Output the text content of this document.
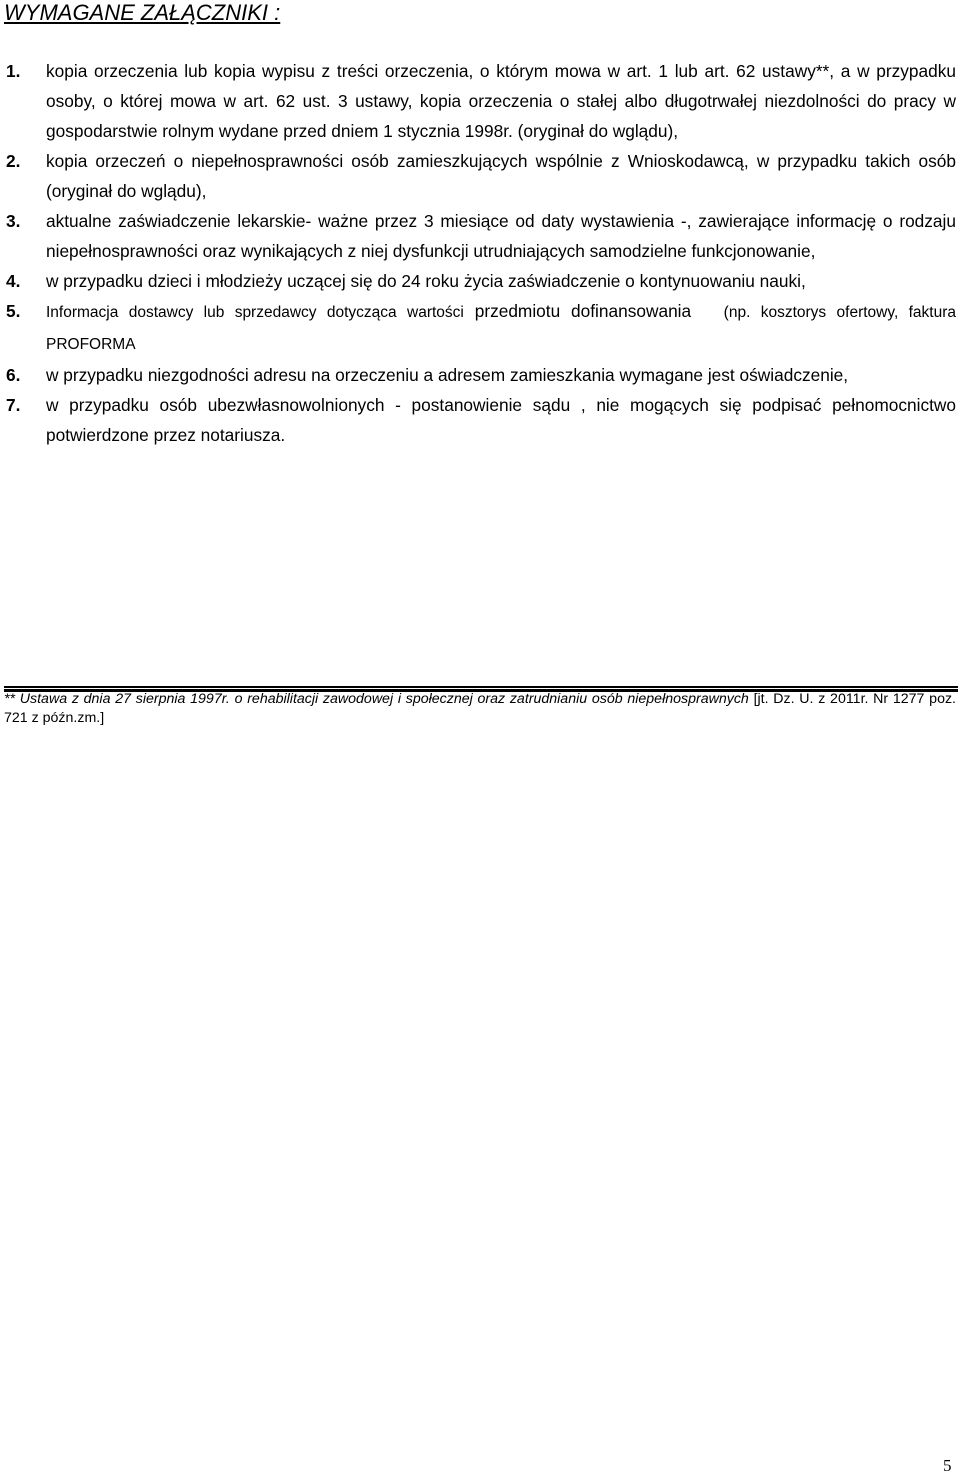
WYMAGANE ZAŁĄCZNIKI :
1. kopia orzeczenia lub kopia wypisu z treści orzeczenia, o którym mowa w art. 1 lub art. 62 ustawy**, a w przypadku osoby, o której mowa w art. 62 ust. 3 ustawy, kopia orzeczenia o stałej albo długotrwałej niezdolności do pracy w gospodarstwie rolnym wydane przed dniem 1 stycznia 1998r. (oryginał do wglądu),
2. kopia orzeczeń o niepełnosprawności osób zamieszkujących wspólnie z Wnioskodawcą, w przypadku takich osób (oryginał do wglądu),
3. aktualne zaświadczenie lekarskie- ważne przez 3 miesiące od daty wystawienia -, zawierające informację o rodzaju niepełnosprawności oraz wynikających z niej dysfunkcji utrudniających samodzielne funkcjonowanie,
4. w przypadku dzieci i młodzieży uczącej się do 24 roku życia zaświadczenie o kontynuowaniu nauki,
5. Informacja dostawcy lub sprzedawcy dotycząca wartości przedmiotu dofinansowania (np. kosztorys ofertowy, faktura PROFORMA
6. w przypadku niezgodności adresu na orzeczeniu a adresem zamieszkania wymagane jest oświadczenie,
7. w przypadku osób ubezwłasnowolnionych - postanowienie sądu , nie mogących się podpisać pełnomocnictwo potwierdzone przez notariusza.
** Ustawa z dnia 27 sierpnia 1997r. o rehabilitacji zawodowej i społecznej oraz zatrudnianiu osób niepełnosprawnych [jt. Dz. U. z 2011r. Nr 1277 poz. 721 z późn.zm.]
5
